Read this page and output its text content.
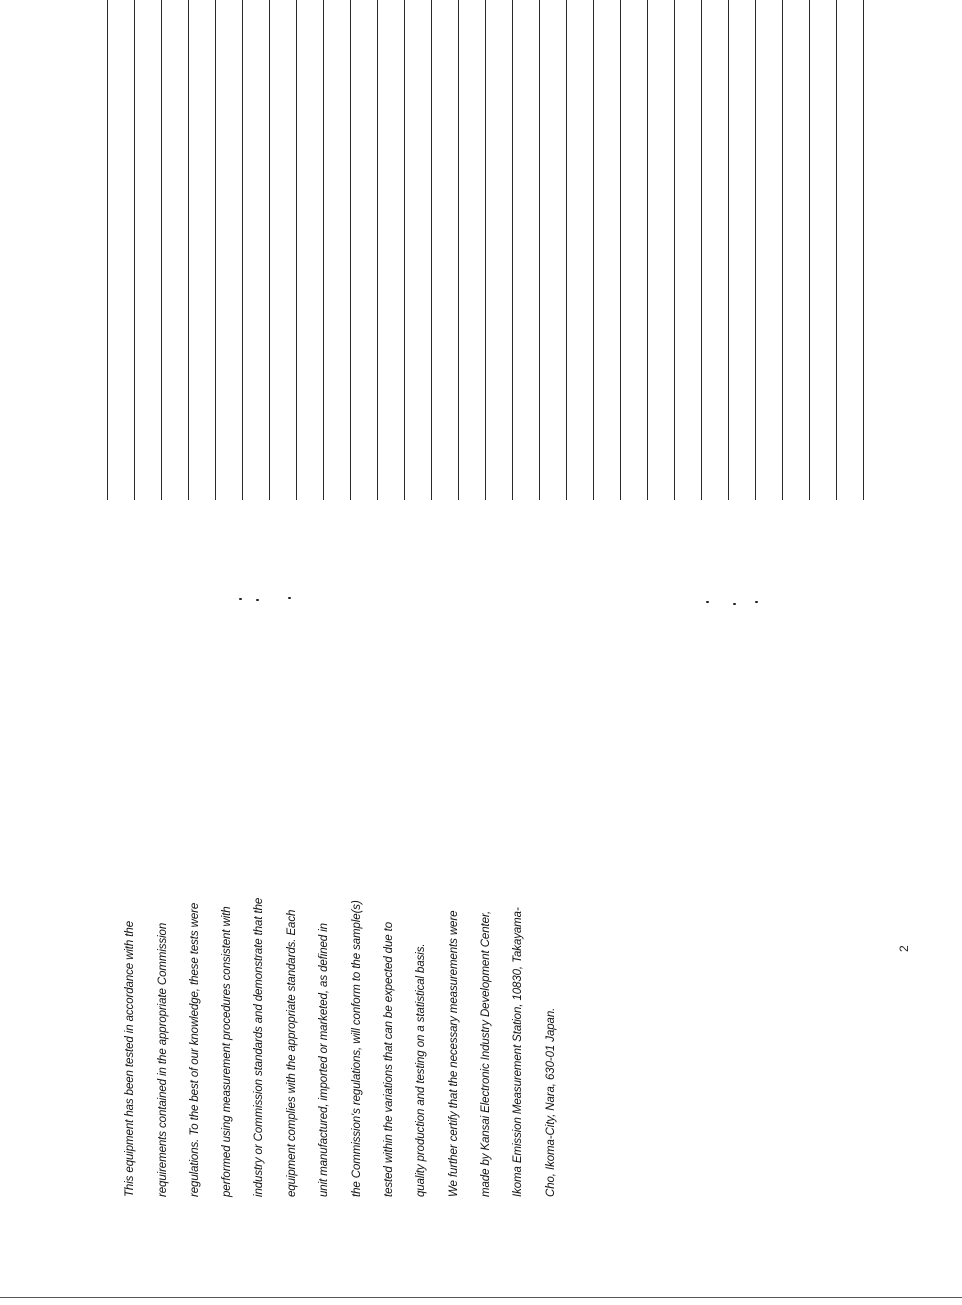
This equipment has been tested in accordance with the requirements contained in the appropriate Commission regulations. To the best of our knowledge, these tests were performed using measurement procedures consistent with industry or Commission standards and demonstrate that the equipment complies with the appropriate standards. Each unit manufactured, imported or marketed, as defined in the Commission's regulations, will conform to the sample(s) tested within the variations that can be expected due to quality production and testing on a statistical basis. We further certify that the necessary measurements were made by Kansai Electronic Industry Development Center, Ikoma Emission Measurement Station, 10830, Takayama- Cho, Ikoma-City, Nara, 630-01 Japan.
2
